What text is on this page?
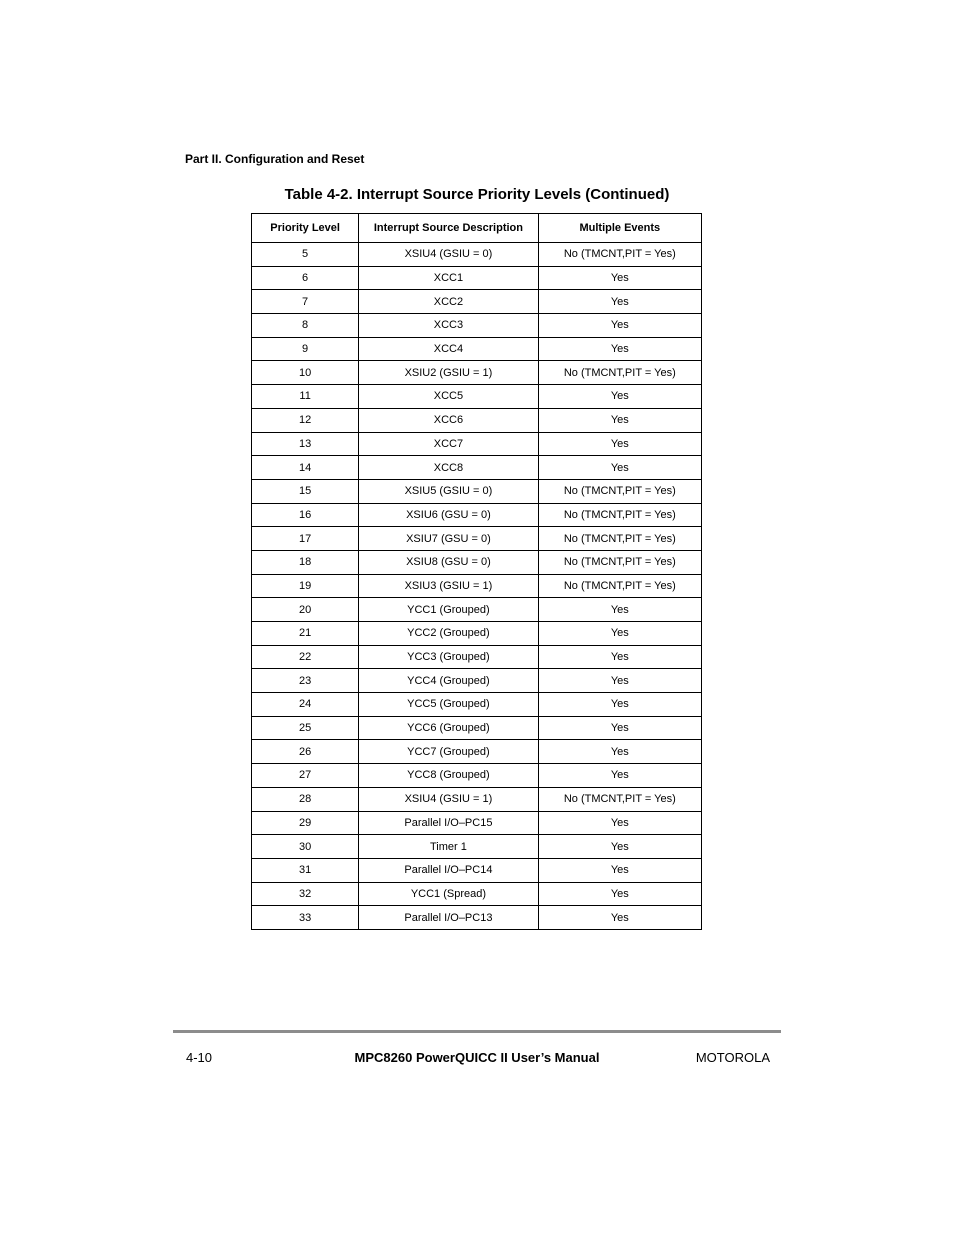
Part II. Configuration and Reset
Table 4-2. Interrupt Source Priority Levels (Continued)
Priority Level	Interrupt Source Description	Multiple Events
5	XSIU4 (GSIU = 0)	No (TMCNT,PIT = Yes)
6	XCC1	Yes
7	XCC2	Yes
8	XCC3	Yes
9	XCC4	Yes
10	XSIU2 (GSIU = 1)	No (TMCNT,PIT = Yes)
11	XCC5	Yes
12	XCC6	Yes
13	XCC7	Yes
14	XCC8	Yes
15	XSIU5 (GSIU = 0)	No (TMCNT,PIT = Yes)
16	XSIU6 (GSU = 0)	No (TMCNT,PIT = Yes)
17	XSIU7 (GSU = 0)	No (TMCNT,PIT = Yes)
18	XSIU8 (GSU = 0)	No (TMCNT,PIT = Yes)
19	XSIU3 (GSIU = 1)	No (TMCNT,PIT = Yes)
20	YCC1 (Grouped)	Yes
21	YCC2 (Grouped)	Yes
22	YCC3 (Grouped)	Yes
23	YCC4 (Grouped)	Yes
24	YCC5 (Grouped)	Yes
25	YCC6 (Grouped)	Yes
26	YCC7 (Grouped)	Yes
27	YCC8 (Grouped)	Yes
28	XSIU4 (GSIU = 1)	No (TMCNT,PIT = Yes)
29	Parallel I/O–PC15	Yes
30	Timer 1	Yes
31	Parallel I/O–PC14	Yes
32	YCC1 (Spread)	Yes
33	Parallel I/O–PC13	Yes
4-10	MPC8260 PowerQUICC II User’s Manual	MOTOROLA
